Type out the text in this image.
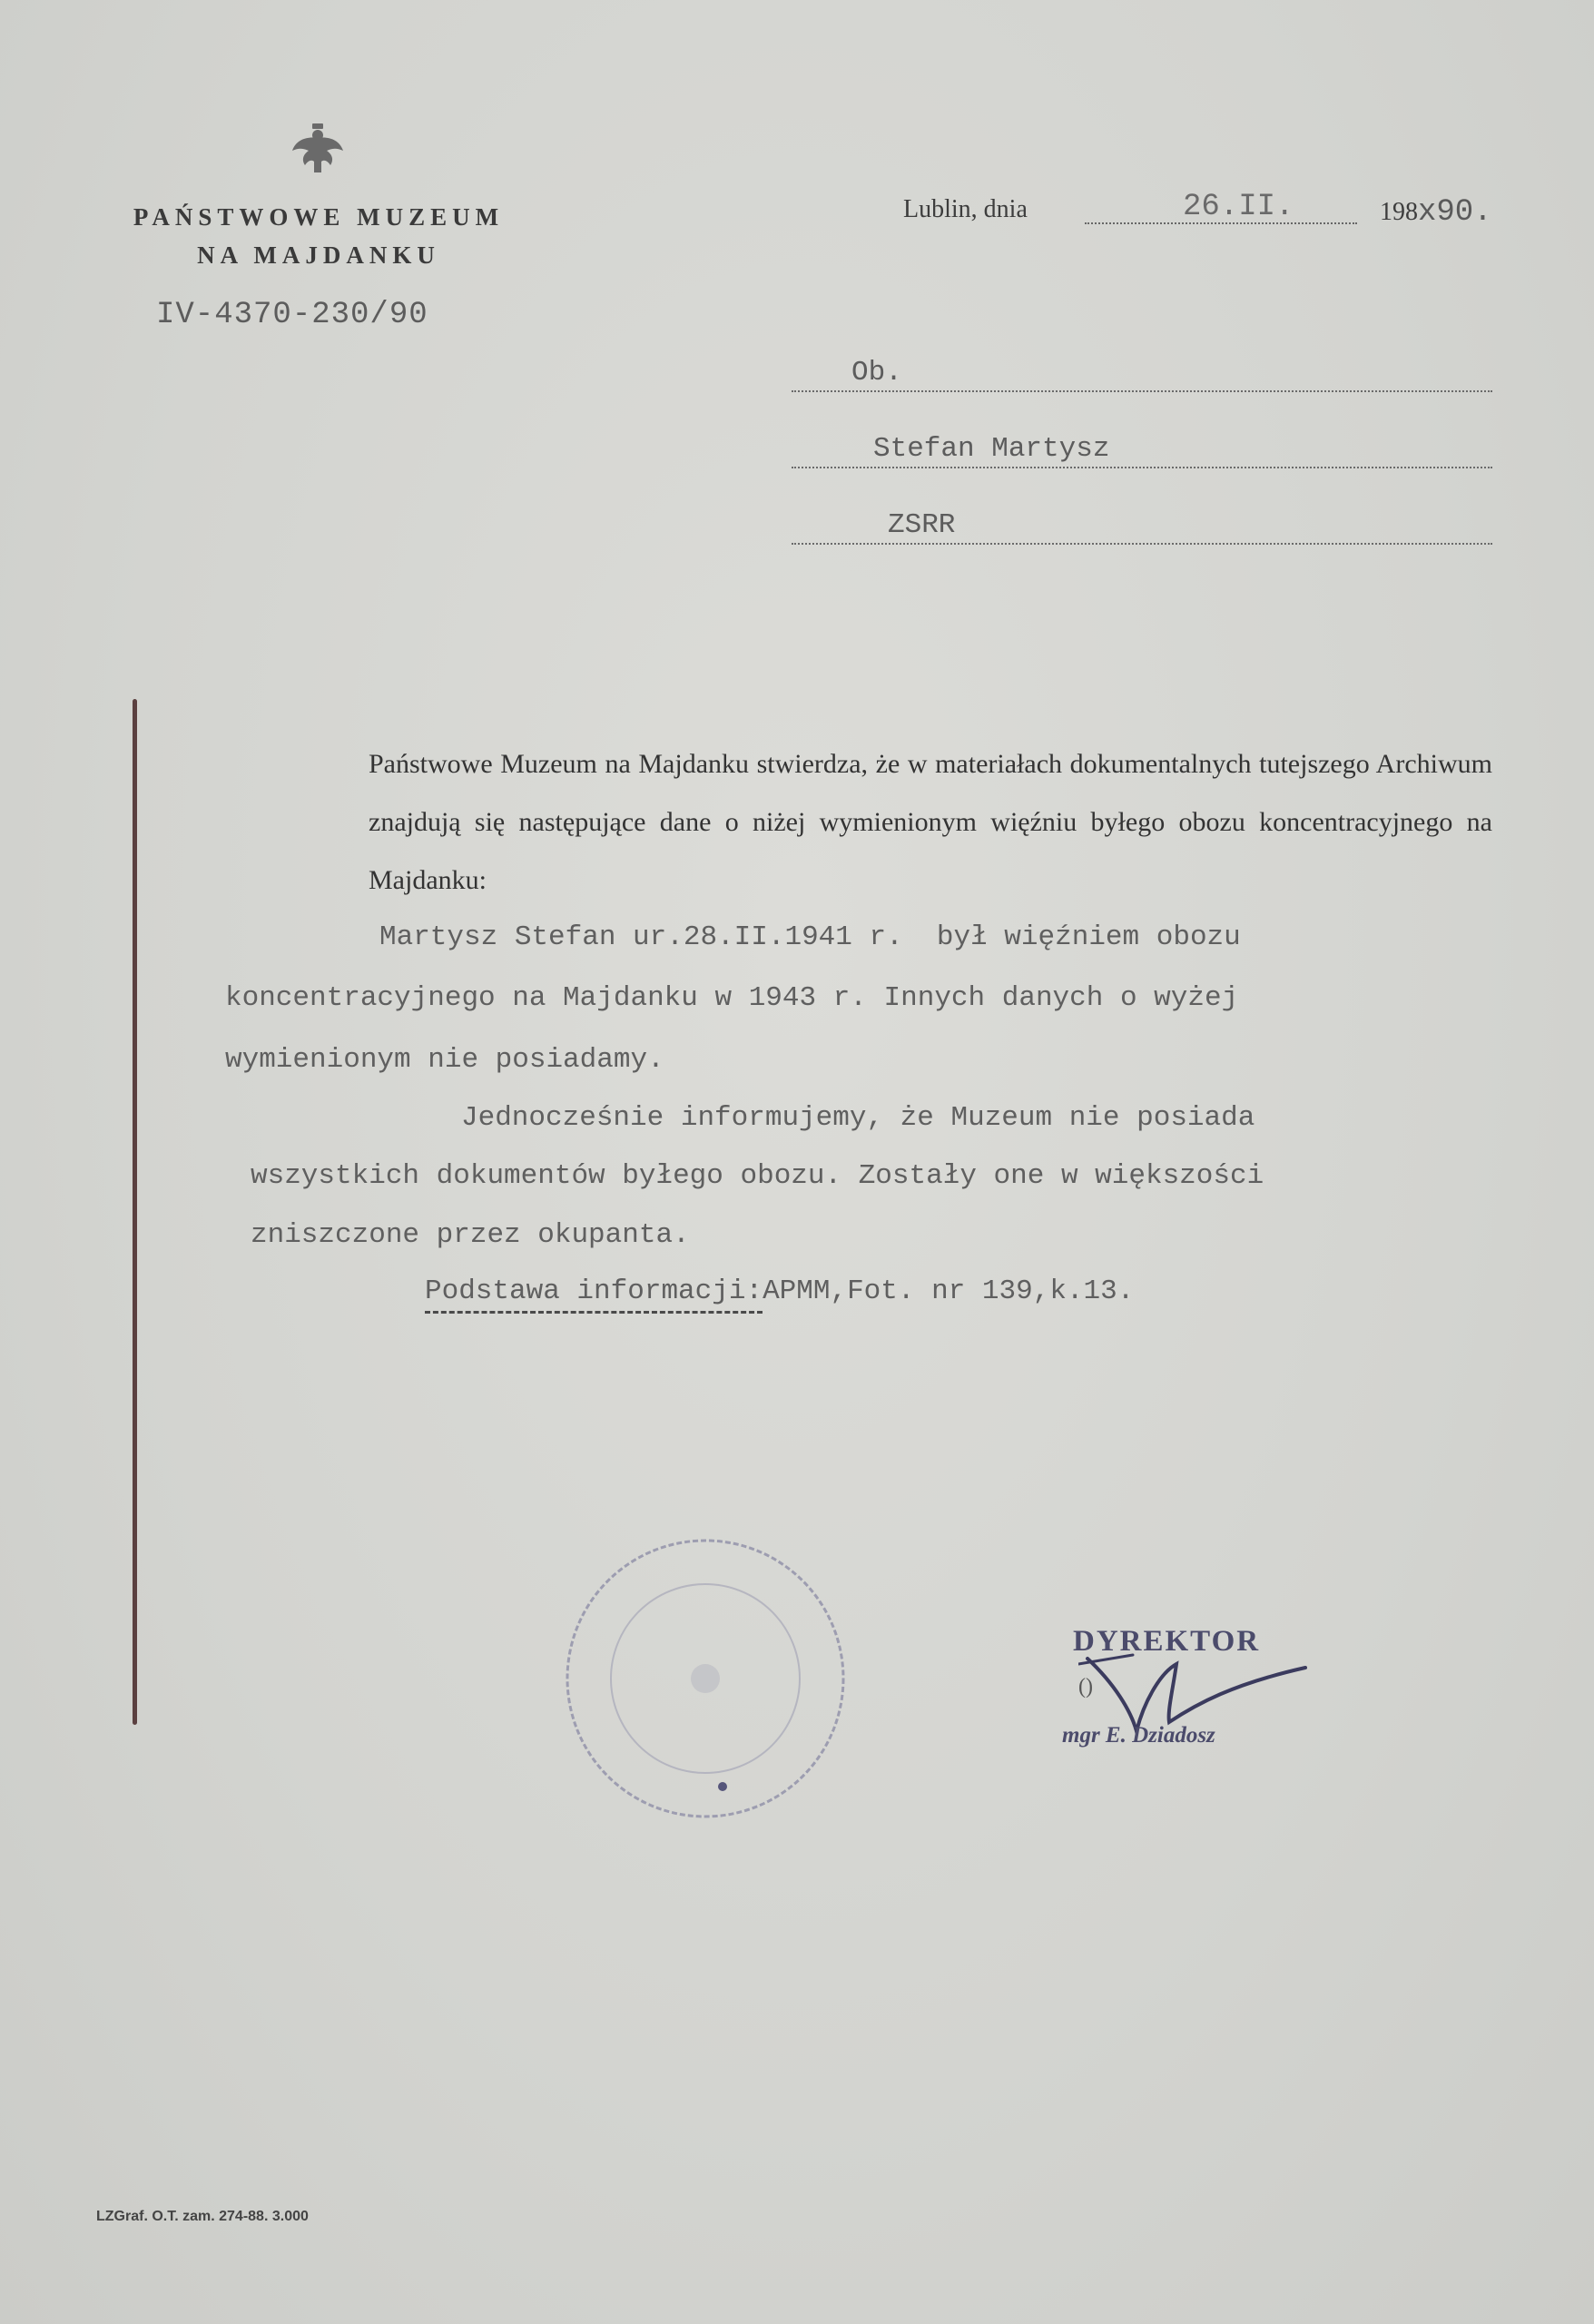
PAŃSTWOWE MUZEUM
NA MAJDANKU
IV-4370-230/90
Lublin, dnia	26.II.	198x90.
Ob.
Stefan Martysz
ZSRR
Państwowe Muzeum na Majdanku stwierdza, że w materiałach dokumentalnych tutejszego Archiwum znajdują się następujące dane o niżej wymienionym więźniu byłego obozu koncentracyjnego na Majdanku:
Martysz Stefan ur.28.II.1941 r.  był więźniem obozu
koncentracyjnego na Majdanku w 1943 r. Innych danych o wyżej
wymienionym nie posiadamy.
Jednocześnie informujemy, że Muzeum nie posiada
wszystkich dokumentów byłego obozu. Zostały one w większości
zniszczone przez okupanta.
Podstawa informacji:APMM,Fot. nr 139,k.13.
DYREKTOR
()
mgr E. Dziadosz
LZGraf. O.T. zam. 274-88. 3.000
